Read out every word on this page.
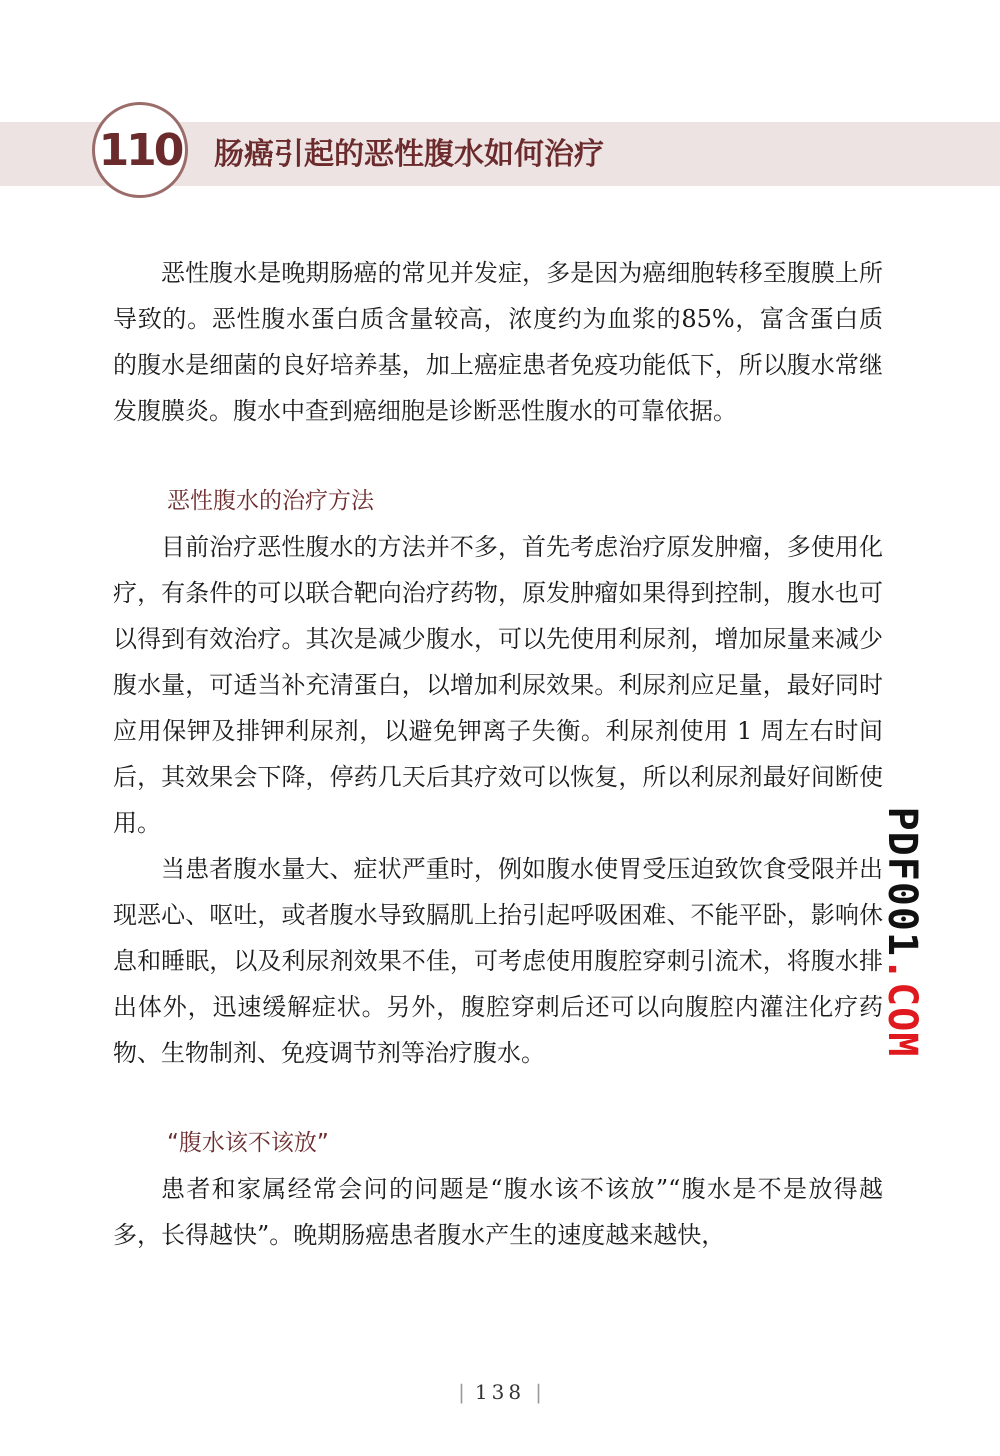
110 肠癌引起的恶性腹水如何治疗

恶性腹水是晚期肠癌的常见并发症，多是因为癌细胞转移至腹膜上所导致的。恶性腹水蛋白质含量较高，浓度约为血浆的85%，富含蛋白质的腹水是细菌的良好培养基，加上癌症患者免疫功能低下，所以腹水常继发腹膜炎。腹水中查到癌细胞是诊断恶性腹水的可靠依据。

恶性腹水的治疗方法

目前治疗恶性腹水的方法并不多，首先考虑治疗原发肿瘤，多使用化疗，有条件的可以联合靶向治疗药物，原发肿瘤如果得到控制，腹水也可以得到有效治疗。其次是减少腹水，可以先使用利尿剂，增加尿量来减少腹水量，可适当补充清蛋白，以增加利尿效果。利尿剂应足量，最好同时应用保钾及排钾利尿剂，以避免钾离子失衡。利尿剂使用 1 周左右时间后，其效果会下降，停药几天后其疗效可以恢复，所以利尿剂最好间断使用。

当患者腹水量大、症状严重时，例如腹水使胃受压迫致饮食受限并出现恶心、呕吐，或者腹水导致膈肌上抬引起呼吸困难、不能平卧，影响休息和睡眠，以及利尿剂效果不佳，可考虑使用腹腔穿刺引流术，将腹水排出体外，迅速缓解症状。另外，腹腔穿刺后还可以向腹腔内灌注化疗药物、生物制剂、免疫调节剂等治疗腹水。

“腹水该不该放”

患者和家属经常会问的问题是“腹水该不该放”“腹水是不是放得越多，长得越快”。晚期肠癌患者腹水产生的速度越来越快，

| 138 |
PDF001
.COM
